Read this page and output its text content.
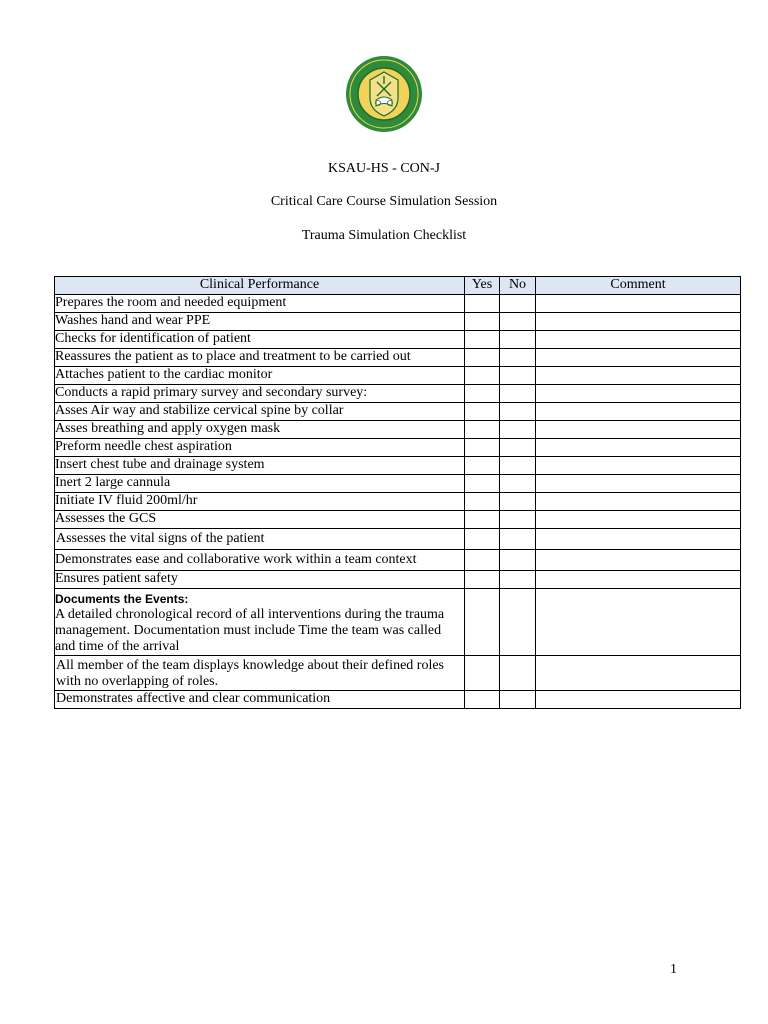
KSAU-HS - CON-J
Critical Care Course Simulation Session
Trauma Simulation Checklist
Clinical Performance	Yes	No	Comment
Prepares the room and needed equipment			
Washes hand and wear PPE			
Checks for identification of patient			
Reassures the patient as to place and treatment to be carried out			
Attaches patient to the cardiac monitor			
Conducts a rapid primary survey and secondary survey:			
Asses Air way and stabilize cervical spine by collar			
Asses breathing and apply oxygen mask			
Preform needle chest aspiration			
Insert chest tube and drainage system			
Inert 2 large cannula			
Initiate IV fluid 200ml/hr			
Assesses the GCS			
Assesses the vital signs of the patient			
Demonstrates ease and collaborative work within a team context			
Ensures patient safety			

Documents the Events:
A detailed chronological record of all interventions during the trauma management. Documentation must include Time the team was called and time of the arrival			

All member of the team displays knowledge about their defined roles with no overlapping of roles.			
Demonstrates affective and clear communication			
1
